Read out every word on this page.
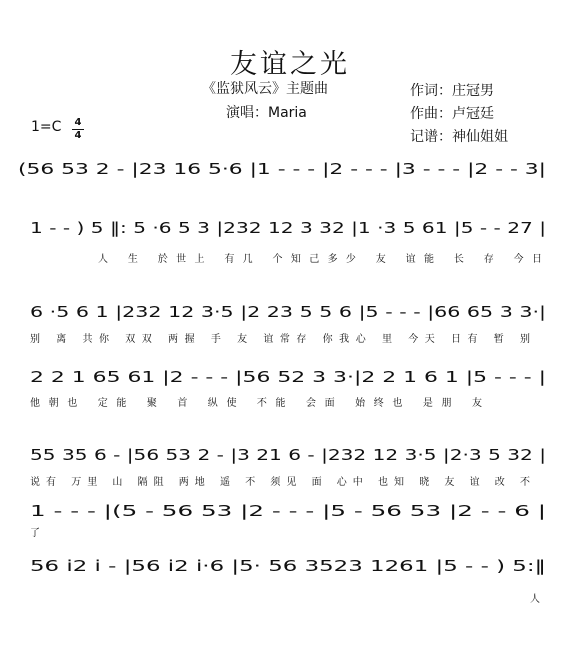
友谊之光
《监狱风云》主题曲
演唱：Maria
作词：庄冠男
作曲：卢冠廷
记谱：神仙姐姐
1=C 4
4
(56 53 2 - |23 16 5·6 |1 - - - |2 - - - |3 - - - |2 - - 3|
1 - - ) 5 ‖: 5 ·6 5 3 |232 12 3 32 |1 ·3 5 61 |5 - - 27 |
人 生 於世上 有几 个知己多少 友 谊能 长 存 今日
6 ·5 6 1 |232 12 3·5 |2 23 5 5 6 |5 - - - |66 65 3 3·|
别 离 共你 双双 两握 手 友 谊常存 你我心 里 今天 日有 暂 别
2 2 1 65 61 |2 - - - |56 52 3 3·|2 2 1 6 1 |5 - - - |
他朝也 定能 聚 首 纵使 不能 会面 始终也 是朋 友
55 35 6 - |56 53 2 - |3 21 6 - |232 12 3·5 |2·3 5 32 |
说有 万里 山 隔阻 两地 遥 不 须见 面 心中 也知 晓 友 谊 改 不
1 - - - |(5 - 56 53 |2 - - - |5 - 56 53 |2 - - 6 |
了
56 i2 i - |56 i2 i·6 |5· 56 3523 1261 |5 - - ) 5:‖
人
